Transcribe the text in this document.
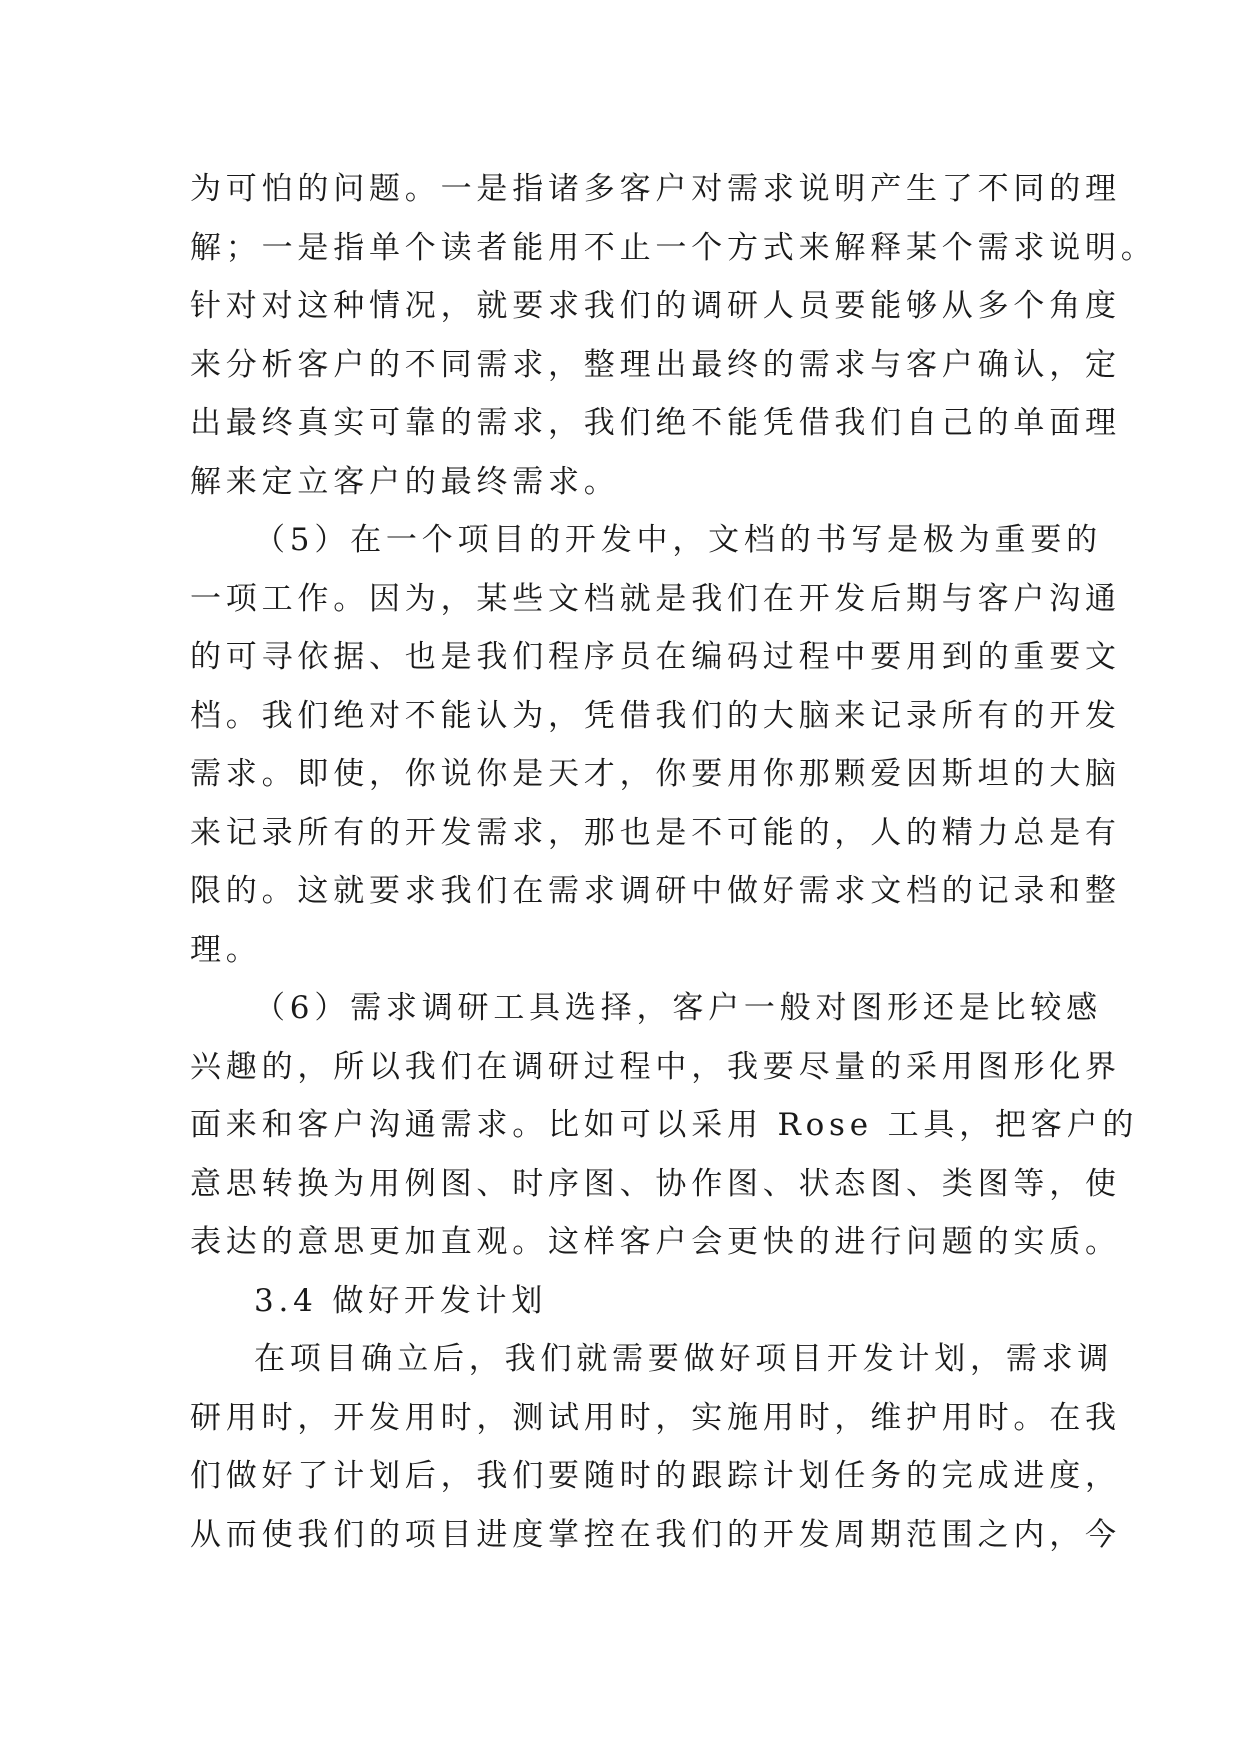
为可怕的问题。一是指诸多客户对需求说明产生了不同的理
解；一是指单个读者能用不止一个方式来解释某个需求说明。
针对对这种情况，就要求我们的调研人员要能够从多个角度
来分析客户的不同需求，整理出最终的需求与客户确认，定
出最终真实可靠的需求，我们绝不能凭借我们自己的单面理
解来定立客户的最终需求。
（5）在一个项目的开发中，文档的书写是极为重要的
一项工作。因为，某些文档就是我们在开发后期与客户沟通
的可寻依据、也是我们程序员在编码过程中要用到的重要文
档。我们绝对不能认为，凭借我们的大脑来记录所有的开发
需求。即使，你说你是天才，你要用你那颗爱因斯坦的大脑
来记录所有的开发需求，那也是不可能的，人的精力总是有
限的。这就要求我们在需求调研中做好需求文档的记录和整
理。
（6）需求调研工具选择，客户一般对图形还是比较感
兴趣的，所以我们在调研过程中，我要尽量的采用图形化界
面来和客户沟通需求。比如可以采用 Rose 工具，把客户的
意思转换为用例图、时序图、协作图、状态图、类图等，使
表达的意思更加直观。这样客户会更快的进行问题的实质。
3.4 做好开发计划
在项目确立后，我们就需要做好项目开发计划，需求调
研用时，开发用时，测试用时，实施用时，维护用时。在我
们做好了计划后，我们要随时的跟踪计划任务的完成进度，
从而使我们的项目进度掌控在我们的开发周期范围之内，今
